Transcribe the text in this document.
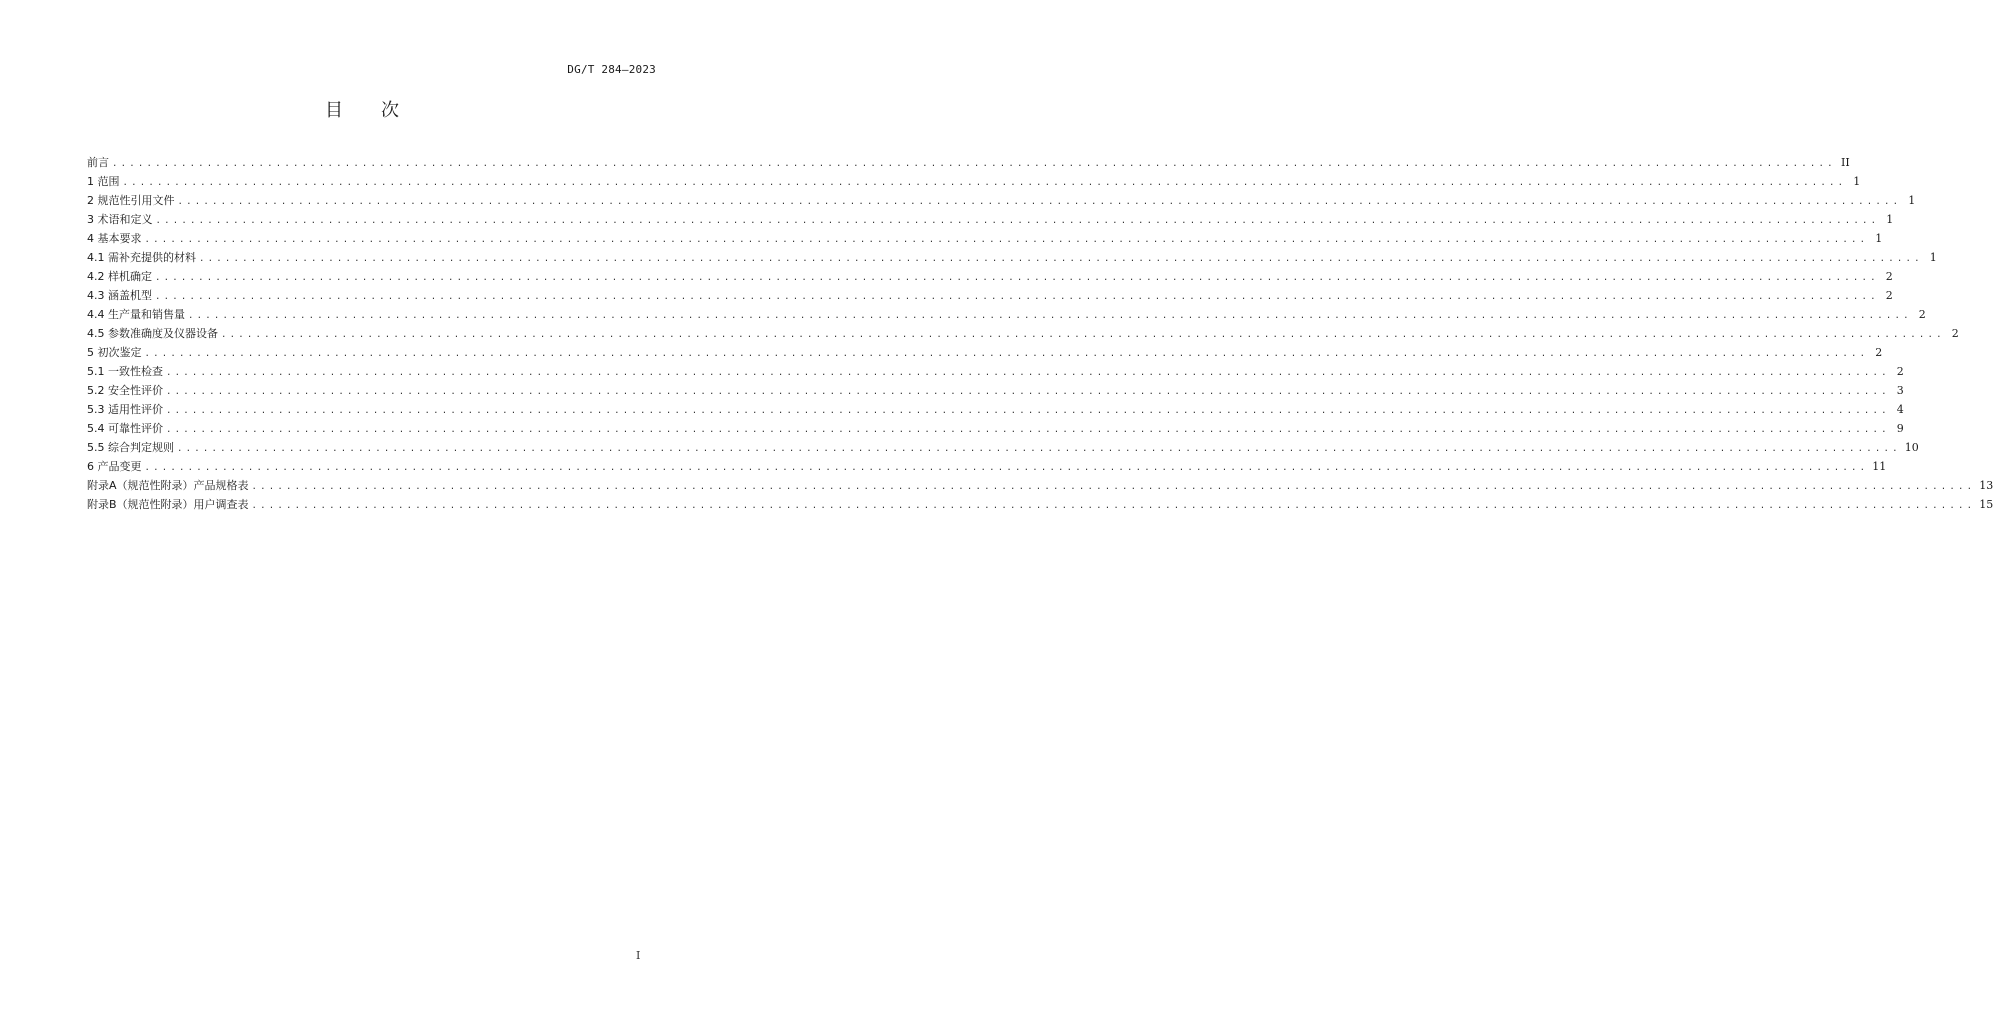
DG/T 284—2023
目 次
前言 ........................................................................................................................................................................................................ II
1 范围 ........................................................................................................................................................................................................ 1
2 规范性引用文件 ........................................................................................................................................................................................................ 1
3 术语和定义 ........................................................................................................................................................................................................ 1
4 基本要求 ........................................................................................................................................................................................................ 1
4.1 需补充提供的材料 ........................................................................................................................................................................................................ 1
4.2 样机确定 ........................................................................................................................................................................................................ 2
4.3 涵盖机型 ........................................................................................................................................................................................................ 2
4.4 生产量和销售量 ........................................................................................................................................................................................................ 2
4.5 参数准确度及仪器设备 ........................................................................................................................................................................................................ 2
5 初次鉴定 ........................................................................................................................................................................................................ 2
5.1 一致性检查 ........................................................................................................................................................................................................ 2
5.2 安全性评价 ........................................................................................................................................................................................................ 3
5.3 适用性评价 ........................................................................................................................................................................................................ 4
5.4 可靠性评价 ........................................................................................................................................................................................................ 9
5.5 综合判定规则 ........................................................................................................................................................................................................ 10
6 产品变更 ........................................................................................................................................................................................................ 11
附录A（规范性附录）产品规格表 ........................................................................................................................................................................................................ 13
附录B（规范性附录）用户调查表 ........................................................................................................................................................................................................ 15
I
